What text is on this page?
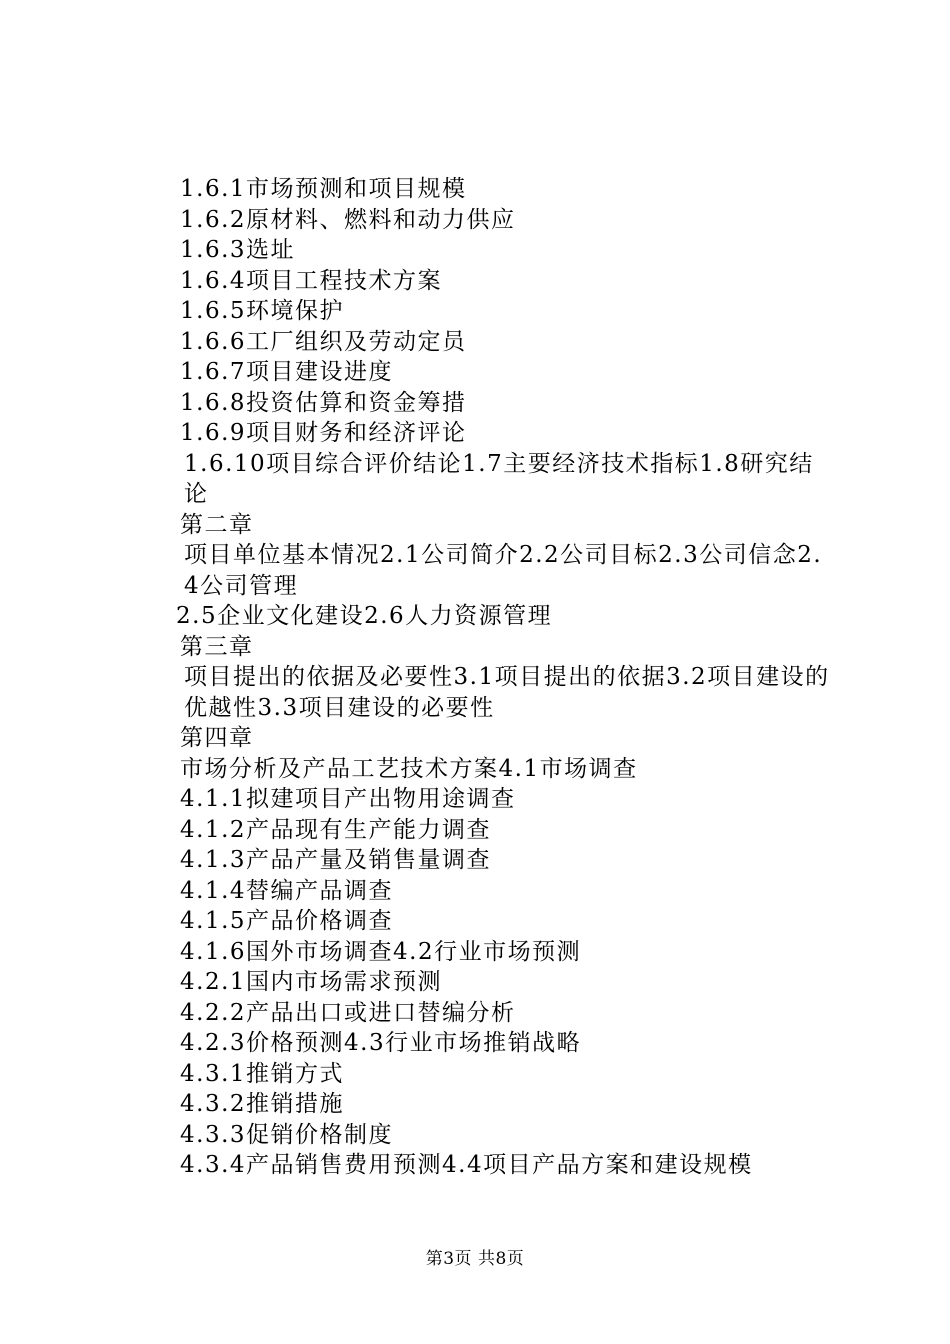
1.6.1市场预测和项目规模
1.6.2原材料、燃料和动力供应
1.6.3选址
1.6.4项目工程技术方案
1.6.5环境保护
1.6.6工厂组织及劳动定员
1.6.7项目建设进度
1.6.8投资估算和资金筹措
1.6.9项目财务和经济评论
1.6.10项目综合评价结论1.7主要经济技术指标1.8研究结论
第二章
项目单位基本情况2.1公司简介2.2公司目标2.3公司信念2.4公司管理
2.5企业文化建设2.6人力资源管理
第三章
项目提出的依据及必要性3.1项目提出的依据3.2项目建设的优越性3.3项目建设的必要性
第四章
市场分析及产品工艺技术方案4.1市场调查
4.1.1拟建项目产出物用途调查
4.1.2产品现有生产能力调查
4.1.3产品产量及销售量调查
4.1.4替编产品调查
4.1.5产品价格调查
4.1.6国外市场调查4.2行业市场预测
4.2.1国内市场需求预测
4.2.2产品出口或进口替编分析
4.2.3价格预测4.3行业市场推销战略
4.3.1推销方式
4.3.2推销措施
4.3.3促销价格制度
4.3.4产品销售费用预测4.4项目产品方案和建设规模
第3页 共8页
